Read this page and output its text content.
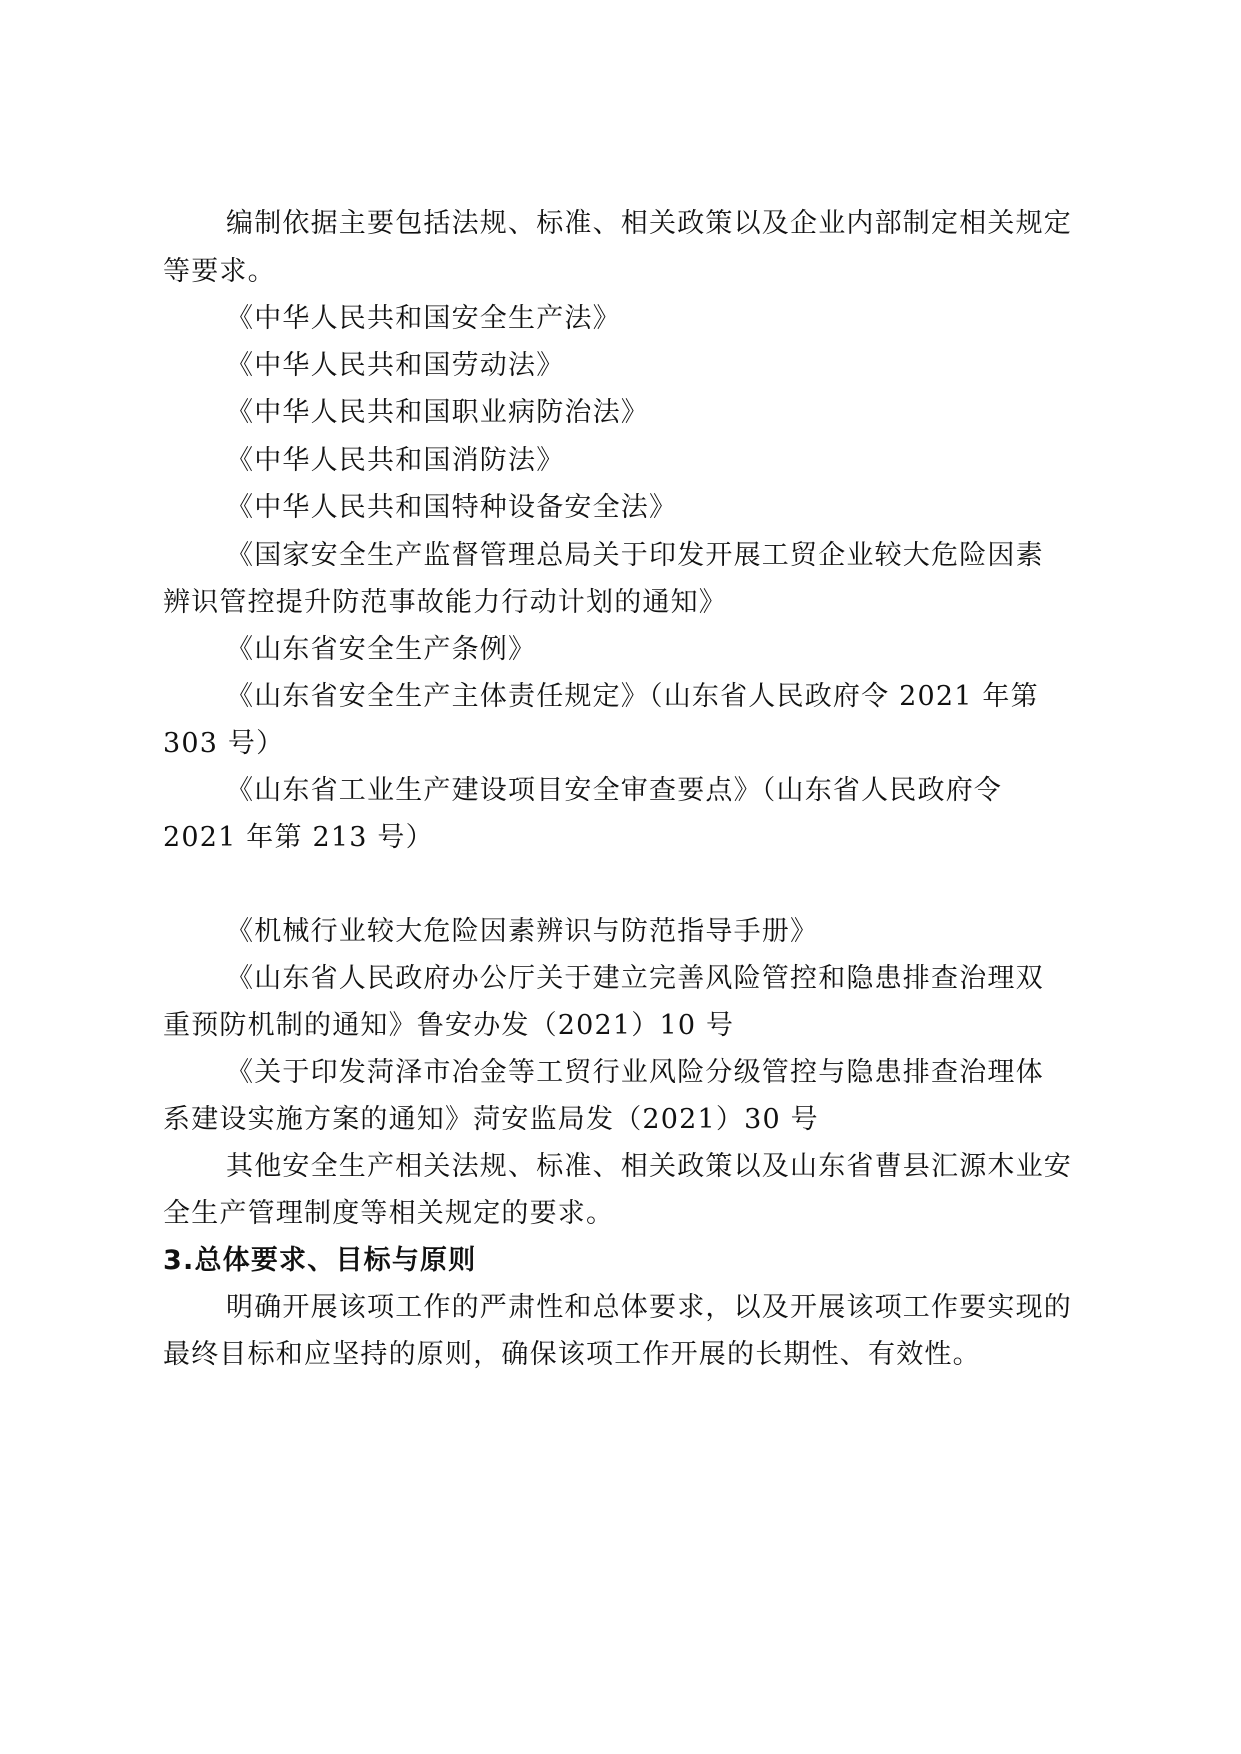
编制依据主要包括法规、标准、相关政策以及企业内部制定相关规定
等要求。
《中华人民共和国安全生产法》
《中华人民共和国劳动法》
《中华人民共和国职业病防治法》
《中华人民共和国消防法》
《中华人民共和国特种设备安全法》
《国家安全生产监督管理总局关于印发开展工贸企业较大危险因素
辨识管控提升防范事故能力行动计划的通知》
《山东省安全生产条例》
《山东省安全生产主体责任规定》（山东省人民政府令 2021 年第
303 号）
《山东省工业生产建设项目安全审查要点》（山东省人民政府令
2021 年第 213 号）
《机械行业较大危险因素辨识与防范指导手册》
《山东省人民政府办公厅关于建立完善风险管控和隐患排查治理双
重预防机制的通知》鲁安办发（2021）10 号
《关于印发菏泽市冶金等工贸行业风险分级管控与隐患排查治理体
系建设实施方案的通知》菏安监局发（2021）30 号
其他安全生产相关法规、标准、相关政策以及山东省曹县汇源木业安
全生产管理制度等相关规定的要求。
3.总体要求、目标与原则
明确开展该项工作的严肃性和总体要求，以及开展该项工作要实现的
最终目标和应坚持的原则，确保该项工作开展的长期性、有效性。
